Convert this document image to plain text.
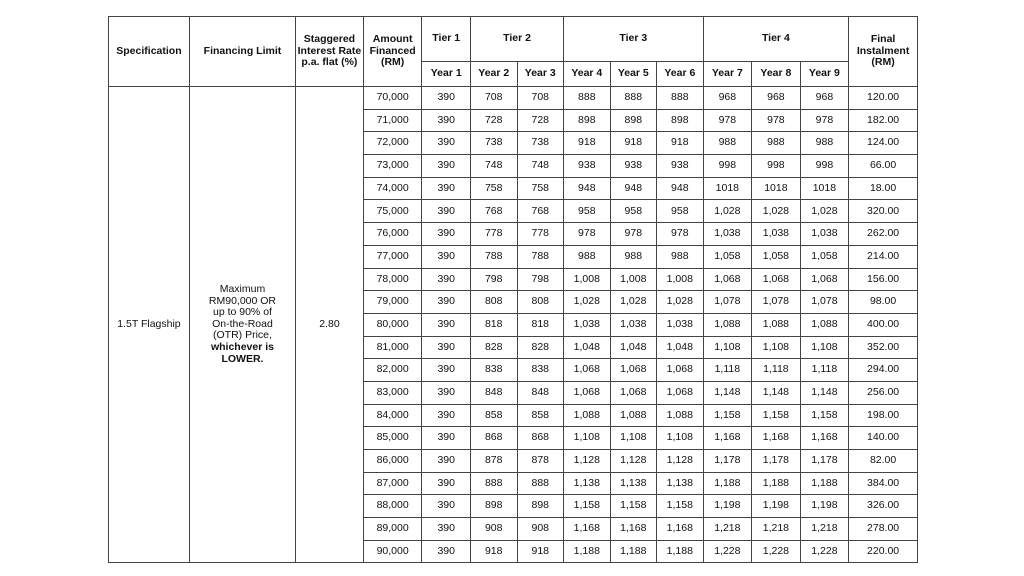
Specification	Financing Limit	Staggered Interest Rate p.a. flat (%)	Amount Financed (RM)	Tier 1	Tier 2		Tier 3			Tier 4			Final Instalment (RM)
				Year 1	Year 2	Year 3	Year 4	Year 5	Year 6	Year 7	Year 8	Year 9	
1.5T Flagship	Maximum RM90,000 OR up to 90% of On-the-Road (OTR) Price, whichever is LOWER.	2.80	70,000	390	708	708	888	888	888	968	968	968	120.00
			71,000	390	728	728	898	898	898	978	978	978	182.00
			72,000	390	738	738	918	918	918	988	988	988	124.00
			73,000	390	748	748	938	938	938	998	998	998	66.00
			74,000	390	758	758	948	948	948	1018	1018	1018	18.00
			75,000	390	768	768	958	958	958	1,028	1,028	1,028	320.00
			76,000	390	778	778	978	978	978	1,038	1,038	1,038	262.00
			77,000	390	788	788	988	988	988	1,058	1,058	1,058	214.00
			78,000	390	798	798	1,008	1,008	1,008	1,068	1,068	1,068	156.00
			79,000	390	808	808	1,028	1,028	1,028	1,078	1,078	1,078	98.00
			80,000	390	818	818	1,038	1,038	1,038	1,088	1,088	1,088	400.00
			81,000	390	828	828	1,048	1,048	1,048	1,108	1,108	1,108	352.00
			82,000	390	838	838	1,068	1,068	1,068	1,118	1,118	1,118	294.00
			83,000	390	848	848	1,068	1,068	1,068	1,148	1,148	1,148	256.00
			84,000	390	858	858	1,088	1,088	1,088	1,158	1,158	1,158	198.00
			85,000	390	868	868	1,108	1,108	1,108	1,168	1,168	1,168	140.00
			86,000	390	878	878	1,128	1,128	1,128	1,178	1,178	1,178	82.00
			87,000	390	888	888	1,138	1,138	1,138	1,188	1,188	1,188	384.00
			88,000	390	898	898	1,158	1,158	1,158	1,198	1,198	1,198	326.00
			89,000	390	908	908	1,168	1,168	1,168	1,218	1,218	1,218	278.00
			90,000	390	918	918	1,188	1,188	1,188	1,228	1,228	1,228	220.00
